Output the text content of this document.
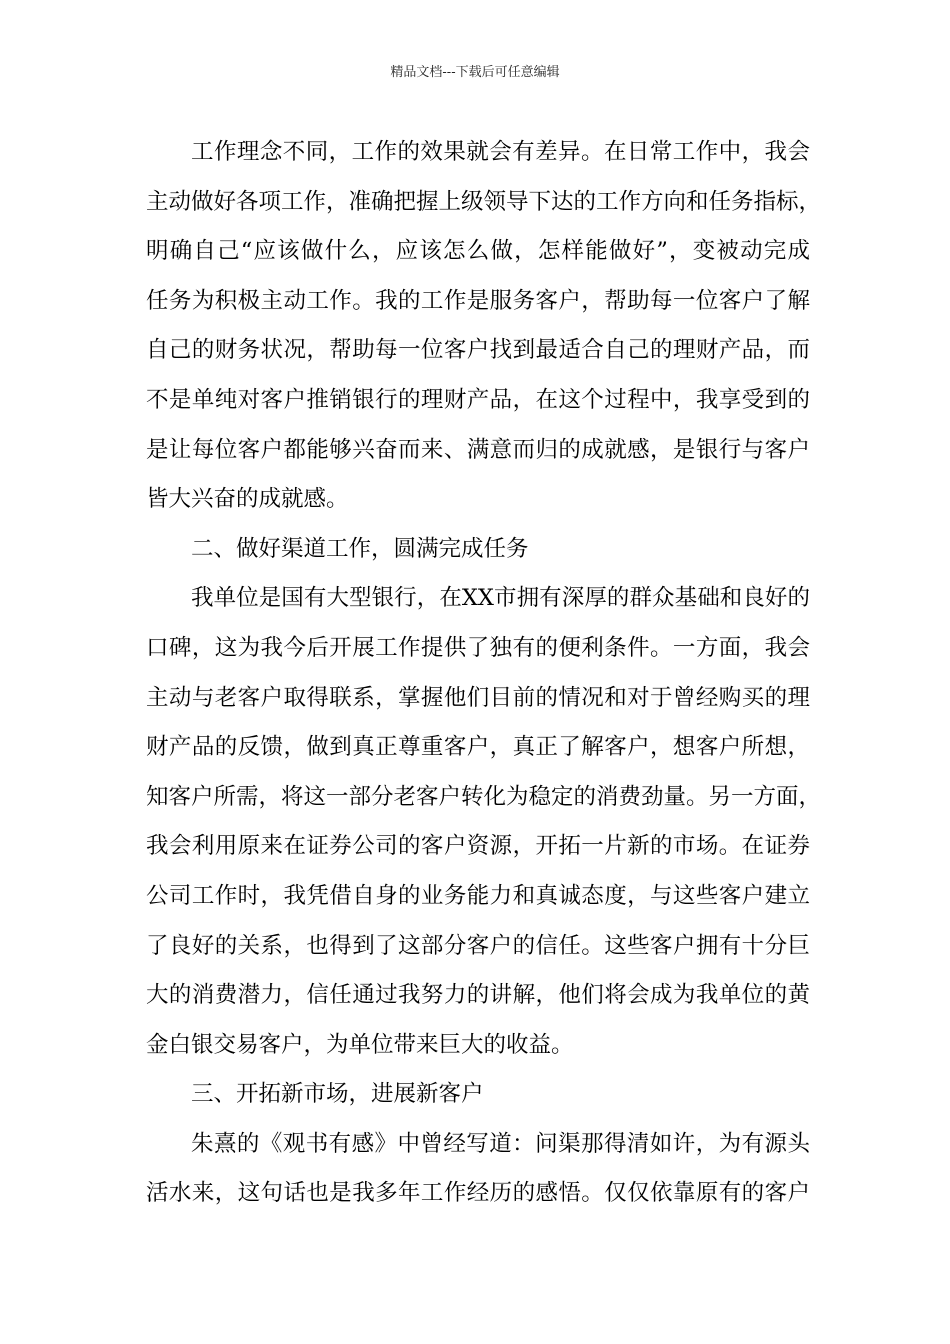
精品文档---下载后可任意编辑
工作理念不同，工作的效果就会有差异。在日常工作中，我会
主动做好各项工作，准确把握上级领导下达的工作方向和任务指标，
明确自己“应该做什么，应该怎么做，怎样能做好”，变被动完成
任务为积极主动工作。我的工作是服务客户，帮助每一位客户了解
自己的财务状况，帮助每一位客户找到最适合自己的理财产品，而
不是单纯对客户推销银行的理财产品，在这个过程中，我享受到的
是让每位客户都能够兴奋而来、满意而归的成就感，是银行与客户
皆大兴奋的成就感。
二、做好渠道工作，圆满完成任务
我单位是国有大型银行，在XX市拥有深厚的群众基础和良好的
口碑，这为我今后开展工作提供了独有的便利条件。一方面，我会
主动与老客户取得联系，掌握他们目前的情况和对于曾经购买的理
财产品的反馈，做到真正尊重客户，真正了解客户，想客户所想，
知客户所需，将这一部分老客户转化为稳定的消费劲量。另一方面，
我会利用原来在证券公司的客户资源，开拓一片新的市场。在证券
公司工作时，我凭借自身的业务能力和真诚态度，与这些客户建立
了良好的关系，也得到了这部分客户的信任。这些客户拥有十分巨
大的消费潜力，信任通过我努力的讲解，他们将会成为我单位的黄
金白银交易客户，为单位带来巨大的收益。
三、开拓新市场，进展新客户
朱熹的《观书有感》中曾经写道：问渠那得清如许，为有源头
活水来，这句话也是我多年工作经历的感悟。仅仅依靠原有的客户
